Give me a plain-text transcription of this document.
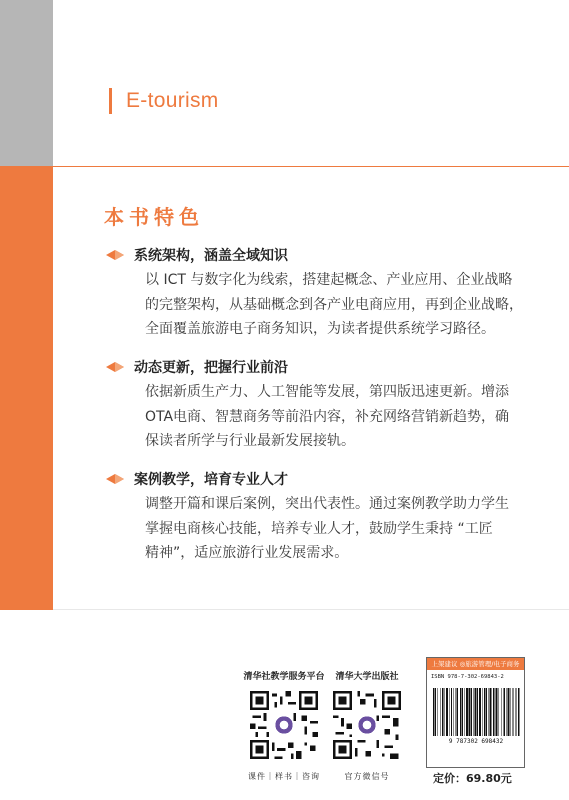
E-tourism
本书特色
系统架构，涵盖全域知识

以 ICT 与数字化为线索，搭建起概念、产业应用、企业战略

的完整架构，从基础概念到各产业电商应用，再到企业战略，

全面覆盖旅游电子商务知识，为读者提供系统学习路径。

动态更新，把握行业前沿

依据新质生产力、人工智能等发展，第四版迅速更新。增添

OTA电商、智慧商务等前沿内容，补充网络营销新趋势，确

保读者所学与行业最新发展接轨。

案例教学，培育专业人才

调整开篇和课后案例，突出代表性。通过案例教学助力学生

掌握电商核心技能，培养专业人才，鼓励学生秉持 “工匠

精神”，适应旅游行业发展需求。

清华社教学服务平台
课件｜样书｜咨询
清华大学出版社
官方微信号
上架建议 ◎旅游管理/电子商务
ISBN 978-7-302-69843-2
9 787302 698432
定价：69.80元
